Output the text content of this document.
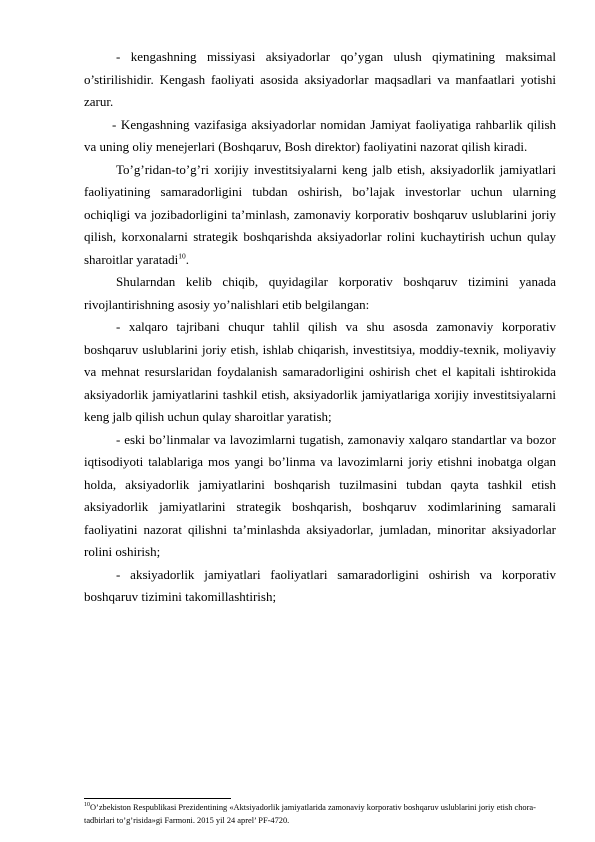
- kengashning missiyasi aksiyadorlar qo’ygan ulush qiymatining maksimal o’stirilishidir. Kengash faoliyati asosida aksiyadorlar maqsadlari va manfaatlari yotishi zarur.

- Kengashning vazifasiga aksiyadorlar nomidan Jamiyat faoliyatiga rahbarlik qilish va uning oliy menejerlari (Boshqaruv, Bosh direktor) faoliyatini nazorat qilish kiradi.

To’g’ridan-to’g’ri xorijiy investitsiyalarni keng jalb etish, aksiyadorlik jamiyatlari faoliyatining samaradorligini tubdan oshirish, bo’lajak investorlar uchun ularning ochiqligi va jozibadorligini ta’minlash, zamonaviy korporativ boshqaruv uslublarini joriy qilish, korxonalarni strategik boshqarishda aksiyadorlar rolini kuchaytirish uchun qulay sharoitlar yaratadi$^{10}$.

Shularndan kelib chiqib, quyidagilar korporativ boshqaruv tizimini yanada rivojlantirishning asosiy yo’nalishlari etib belgilangan:

- xalqaro tajribani chuqur tahlil qilish va shu asosda zamonaviy korporativ boshqaruv uslublarini joriy etish, ishlab chiqarish, investitsiya, moddiy-texnik, moliyaviy va mehnat resurslaridan foydalanish samaradorligini oshirish chet el kapitali ishtirokida aksiyadorlik jamiyatlarini tashkil etish, aksiyadorlik jamiyatlariga xorijiy investitsiyalarni keng jalb qilish uchun qulay sharoitlar yaratish;

- eski bo’linmalar va lavozimlarni tugatish, zamonaviy xalqaro standartlar va bozor iqtisodiyoti talablariga mos yangi bo’linma va lavozimlarni joriy etishni inobatga olgan holda, aksiyadorlik jamiyatlarini boshqarish tuzilmasini tubdan qayta tashkil etish aksiyadorlik jamiyatlarini strategik boshqarish, boshqaruv xodimlarining samarali faoliyatini nazorat qilishni ta’minlashda aksiyadorlar, jumladan, minoritar aksiyadorlar rolini oshirish;

- aksiyadorlik jamiyatlari faoliyatlari samaradorligini oshirish va korporativ boshqaruv tizimini takomillashtirish;

$^{10}$O’zbekiston Respublikasi Prezidentining «Aktsiyadorlik jamiyatlarida zamonaviy korporativ boshqaruv uslublarini joriy etish chora-tadbirlari to’g’risida»gi Farmoni. 2015 yil 24 aprel’ PF-4720.
